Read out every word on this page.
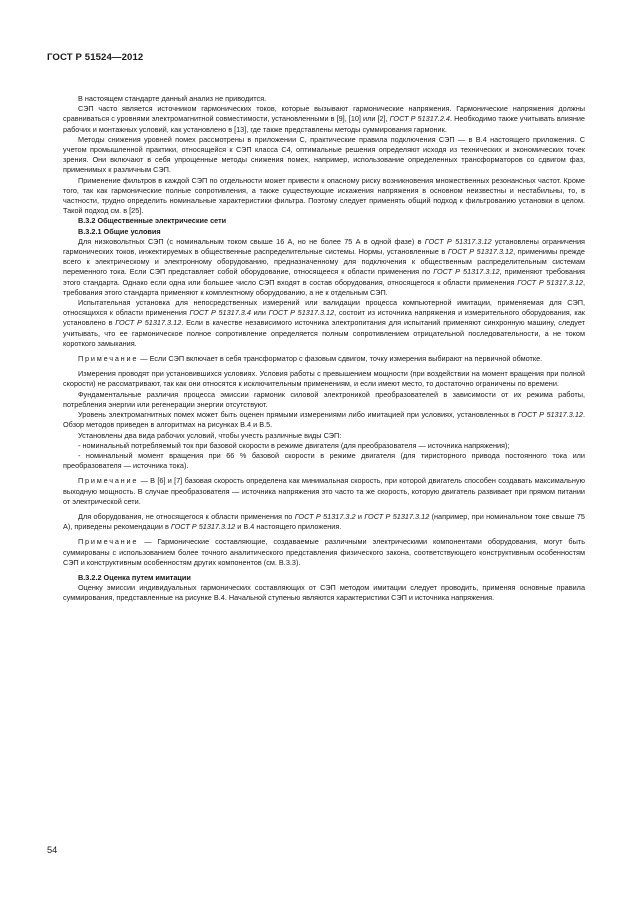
ГОСТ Р 51524—2012

В настоящем стандарте данный анализ не приводится.

СЭП часто является источником гармонических токов, которые вызывают гармонические напряжения. Гармонические напряжения должны сравниваться с уровнями электромагнитной совместимости, установленными в [9], [10] или [2], ГОСТ Р 51317.2.4. Необходимо также учитывать влияние рабочих и монтажных условий, как установлено в [13], где также представлены методы суммирования гармоник.

Методы снижения уровней помех рассмотрены в приложении С, практические правила подключения СЭП — в В.4 настоящего приложения. С учетом промышленной практики, относящейся к СЭП класса С4, оптимальные решения определяют исходя из технических и экономических точек зрения. Они включают в себя упрощенные методы снижения помех, например, использование определенных трансформаторов со сдвигом фаз, применимых к различным СЭП.

Применение фильтров в каждой СЭП по отдельности может привести к опасному риску возникновения множественных резонансных частот. Кроме того, так как гармонические полные сопротивления, а также существующие искажения напряжения в основном неизвестны и нестабильны, то, в частности, трудно определить номинальные характеристики фильтра. Поэтому следует применять общий подход к фильтрованию установки в целом. Такой подход см. в [25].

В.3.2 Общественные электрические сети
В.3.2.1 Общие условия

Для низковольтных СЭП (с номинальным током свыше 16 А, но не более 75 А в одной фазе) в ГОСТ Р 51317.3.12 установлены ограничения гармонических токов, инжектируемых в общественные распределительные системы. Нормы, установленные в ГОСТ Р 51317.3.12, применимы прежде всего к электрическому и электронному оборудованию, предназначенному для подключения к общественным распределительным системам переменного тока. Если СЭП представляет собой оборудование, относящееся к области применения по ГОСТ Р 51317.3.12, применяют требования этого стандарта. Однако если одна или большее число СЭП входят в состав оборудования, относящегося к области применения ГОСТ Р 51317.3.12, требования этого стандарта применяют к комплектному оборудованию, а не к отдельным СЭП.

Испытательная установка для непосредственных измерений или валидации процесса компьютерной имитации, применяемая для СЭП, относящихся к области применения ГОСТ Р 51317.3.4 или ГОСТ Р 51317.3.12, состоит из источника напряжения и измерительного оборудования, как установлено в ГОСТ Р 51317.3.12. Если в качестве независимого источника электропитания для испытаний применяют синхронную машину, следует учитывать, что ее гармоническое полное сопротивление определяется полным сопротивлением отрицательной последовательности, а не током короткого замыкания.

Примечание — Если СЭП включает в себя трансформатор с фазовым сдвигом, точку измерения выбирают на первичной обмотке.

Измерения проводят при установившихся условиях. Условия работы с превышением мощности (при воздействии на момент вращения при полной скорости) не рассматривают, так как они относятся к исключительным применениям, и если имеют место, то достаточно ограничены по времени.

Фундаментальные различия процесса эмиссии гармоник силовой электроникой преобразователей в зависимости от их режима работы, потребления энергии или регенерации энергии отсутствуют.

Уровень электромагнитных помех может быть оценен прямыми измерениями либо имитацией при условиях, установленных в ГОСТ Р 51317.3.12. Обзор методов приведен в алгоритмах на рисунках В.4 и В.5.

Установлены два вида рабочих условий, чтобы учесть различные виды СЭП:

- номинальный потребляемый ток при базовой скорости в режиме двигателя (для преобразователя — источника напряжения);

- номинальный момент вращения при 66 % базовой скорости в режиме двигателя (для тиристорного привода постоянного тока или преобразователя — источника тока).

Примечание — В [6] и [7] базовая скорость определена как минимальная скорость, при которой двигатель способен создавать максимальную выходную мощность. В случае преобразователя — источника напряжения это часто та же скорость, которую двигатель развивает при прямом питании от электрической сети.

Для оборудования, не относящегося к области применения по ГОСТ Р 51317.3.2 и ГОСТ Р 51317.3.12 (например, при номинальном токе свыше 75 А), приведены рекомендации в ГОСТ Р 51317.3.12 и В.4 настоящего приложения.

Примечание — Гармонические составляющие, создаваемые различными электрическими компонентами оборудования, могут быть суммированы с использованием более точного аналитического представления физического закона, соответствующего конструктивным особенностям СЭП и конструктивным особенностям других компонентов (см. В.3.3).

В.3.2.2 Оценка путем имитации

Оценку эмиссии индивидуальных гармонических составляющих от СЭП методом имитации следует проводить, применяя основные правила суммирования, представленные на рисунке В.4. Начальной ступенью являются характеристики СЭП и источника напряжения.

54
